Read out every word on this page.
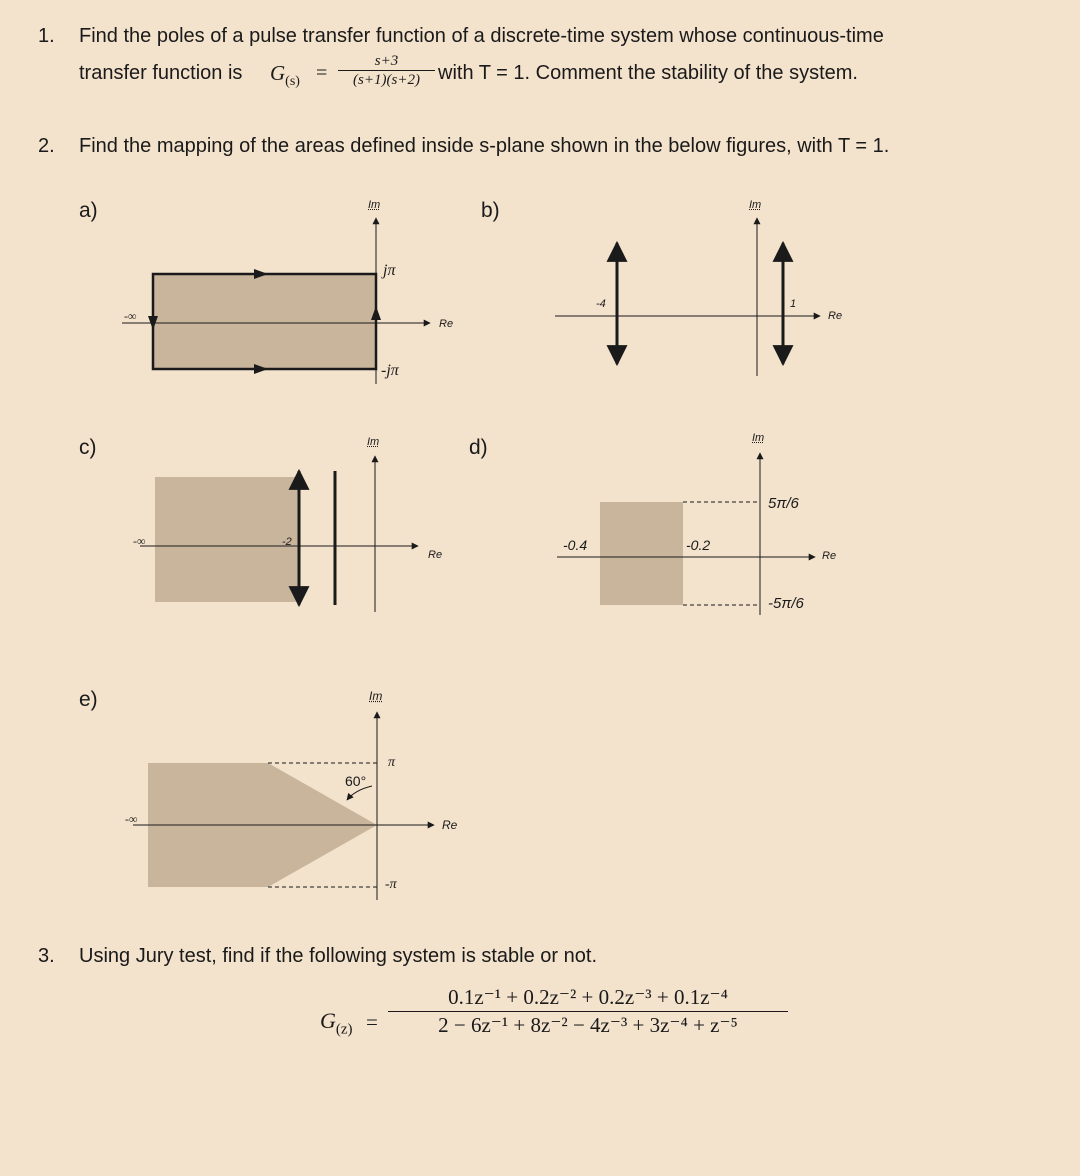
1. Find the poles of a pulse transfer function of a discrete-time system whose continuous-time
transfer function is $G_{(s)}$ =
s+3
(s+1)(s+2) with T = 1. Comment the stability of the system.
2. Find the mapping of the areas defined inside s-plane shown in the below figures, with T = 1.
a)	b)
c)	d)
e)
Im
Re
-∞
jπ
-jπ
Im
Re
-4	1
Im
Re
-∞	-2
Im
Re
-0.4	-0.2
5π/6
-5π/6
Im
Re
-∞
π
-π
60°
3. Using Jury test, find if the following system is stable or not.
$G_{(z)}$ =
0.1z⁻¹ + 0.2z⁻² + 0.2z⁻³ + 0.1z⁻⁴
2 − 6z⁻¹ + 8z⁻² − 4z⁻³ + 3z⁻⁴ + z⁻⁵
